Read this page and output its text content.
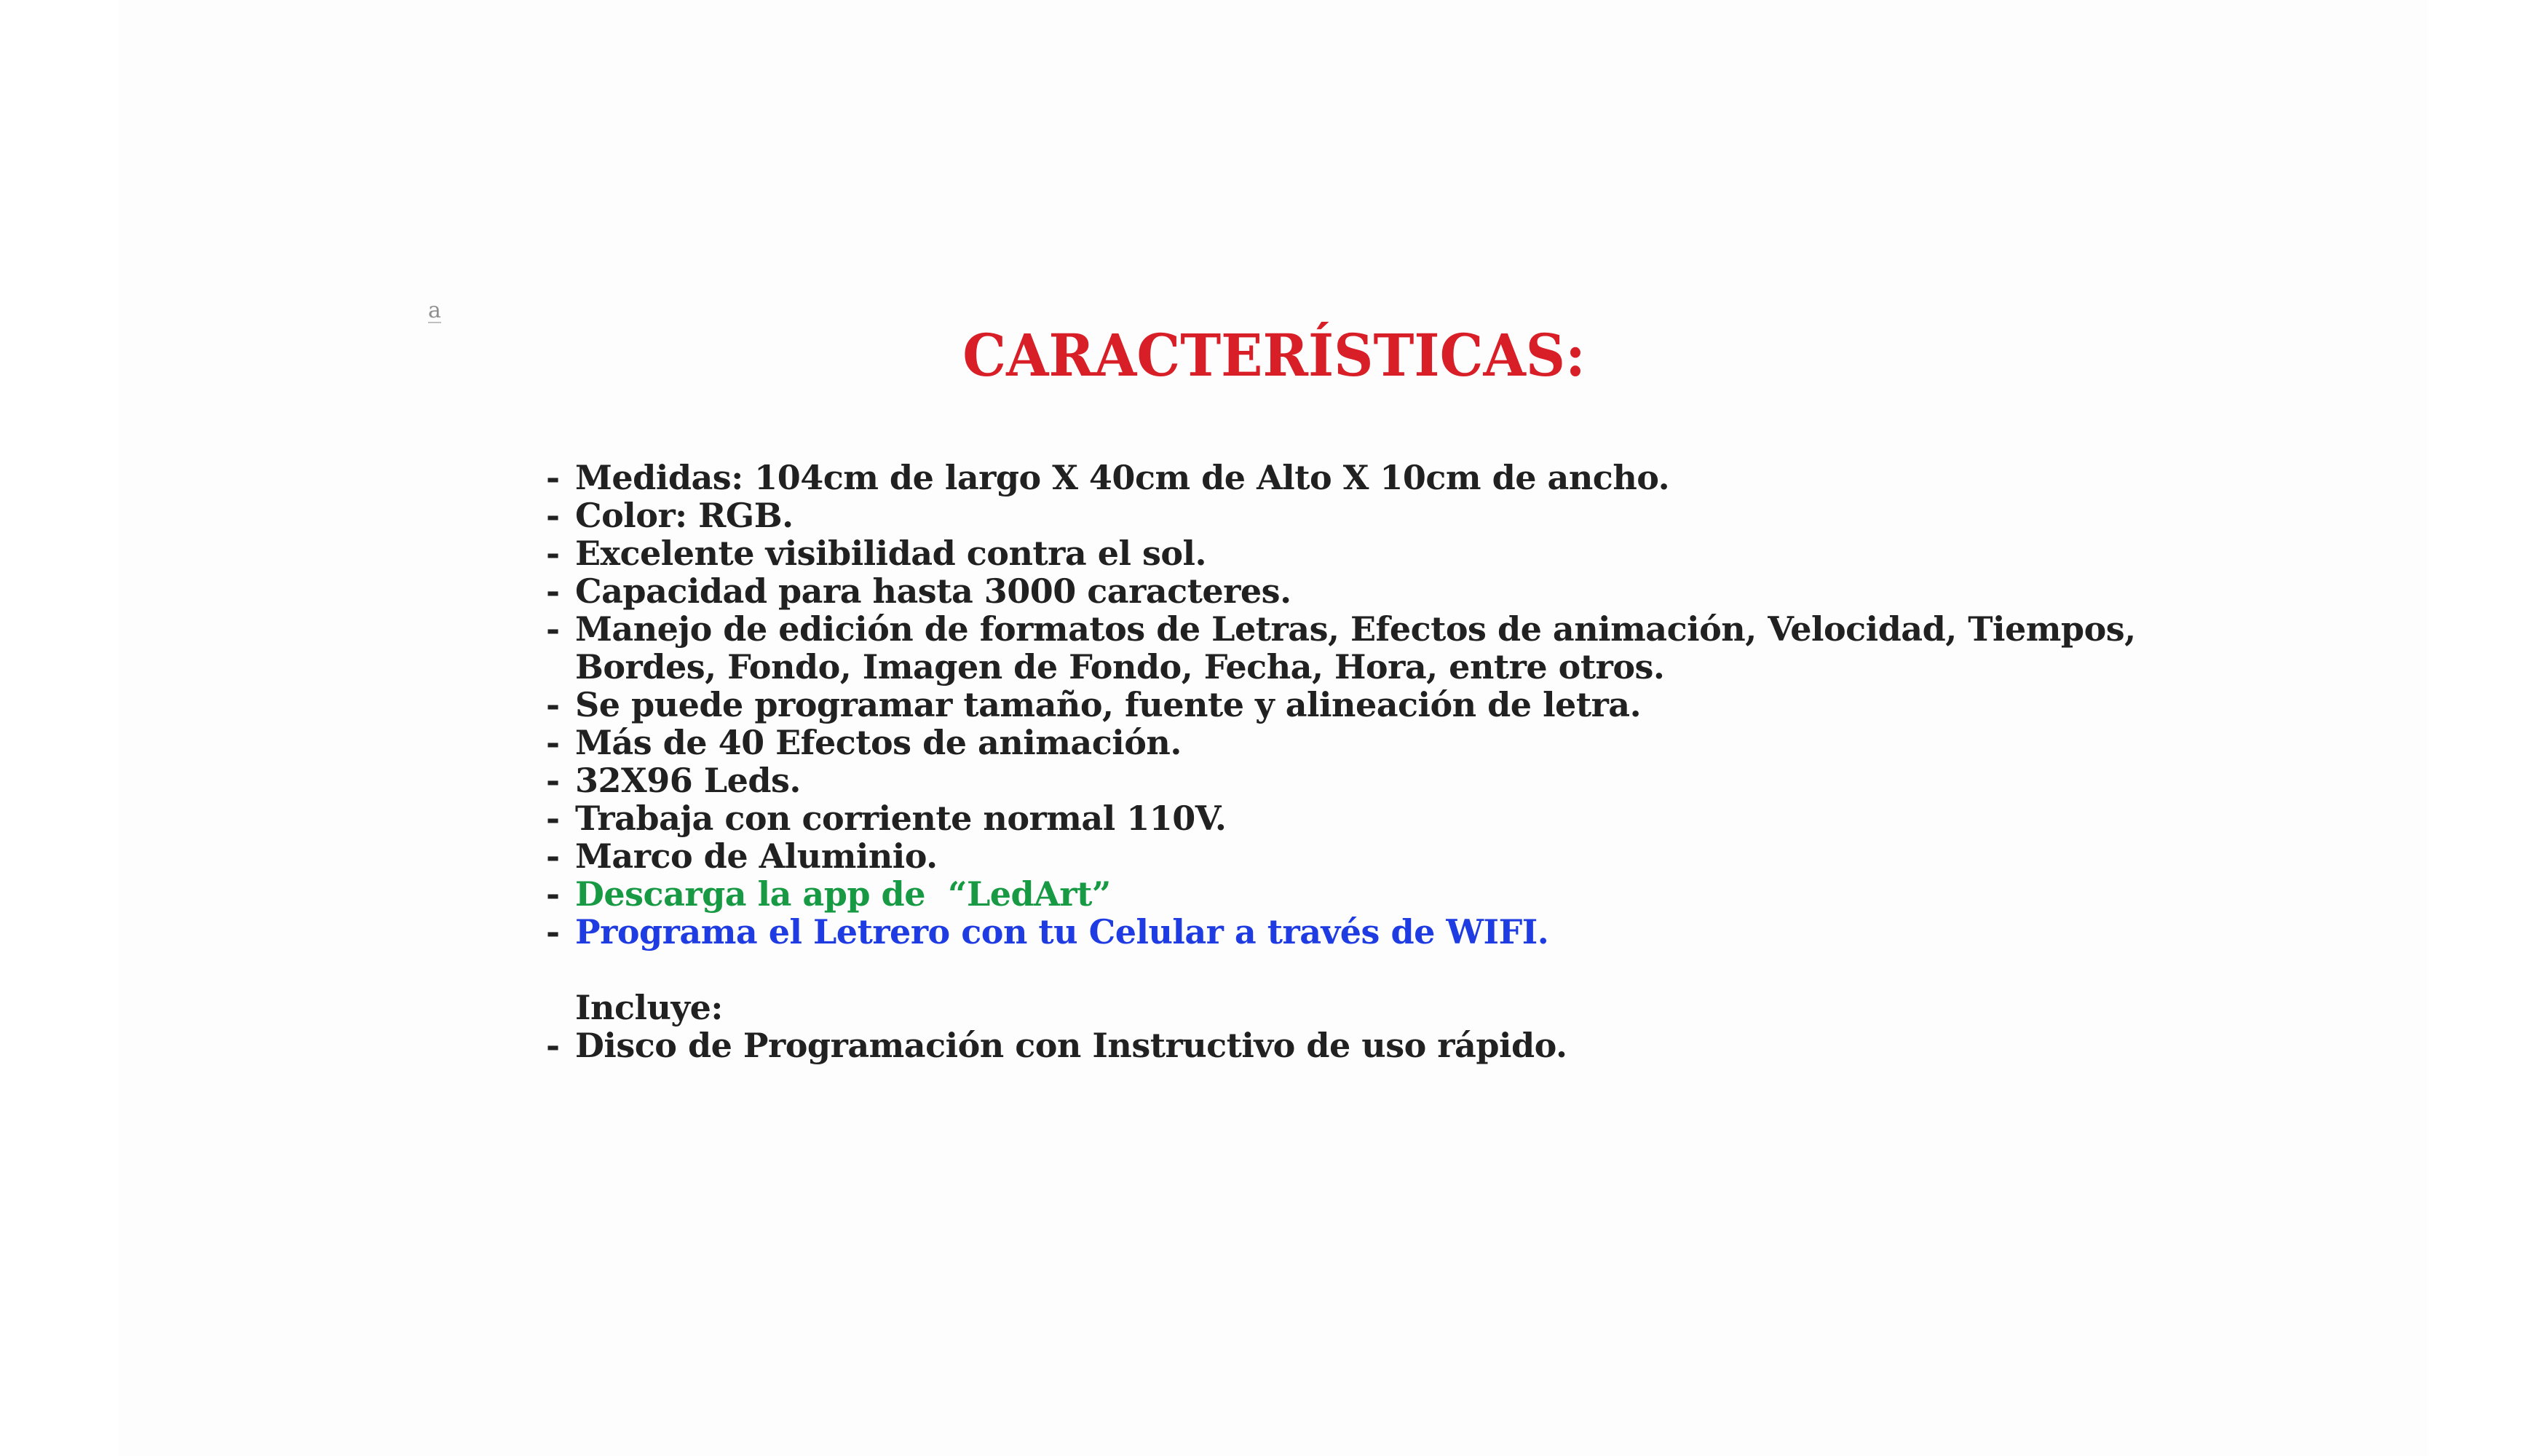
a
CARACTERÍSTICAS:
- Medidas: 104cm de largo X 40cm de Alto X 10cm de ancho.
- Color: RGB.
- Excelente visibilidad contra el sol.
- Capacidad para hasta 3000 caracteres.
- Manejo de edición de formatos de Letras, Efectos de animación, Velocidad, Tiempos,
Bordes, Fondo, Imagen de Fondo, Fecha, Hora, entre otros.
- Se puede programar tamaño, fuente y alineación de letra.
- Más de 40 Efectos de animación.
- 32X96 Leds.
- Trabaja con corriente normal 110V.
- Marco de Aluminio.
- Descarga la app de  “LedArt”
- Programa el Letrero con tu Celular a través de WIFI.
Incluye:
- Disco de Programación con Instructivo de uso rápido.
